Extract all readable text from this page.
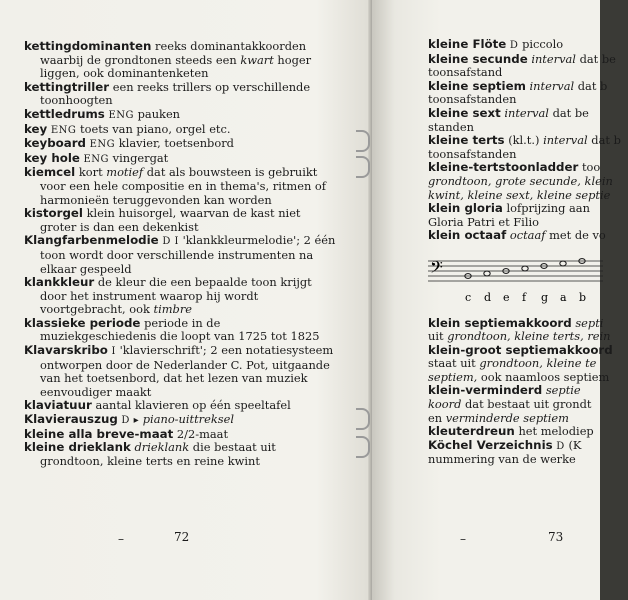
kettingdominanten reeks dominantakkoorden waarbij de grondtonen steeds een kwart hoger liggen, ook dominantenketen
kettingtriller een reeks trillers op verschillende toonhoogten
kettledrums ENG pauken
key ENG toets van piano, orgel etc.
keyboard ENG klavier, toetsenbord
key hole ENG vingergat
kiemcel kort motief dat als bouwsteen is gebruikt voor een hele compositie en in thema's, ritmen of harmonieën teruggevonden kan worden
kistorgel klein huisorgel, waarvan de kast niet groter is dan een dekenkist
Klangfarbenmelodie D I 'klankkleurmelodie'; 2 één toon wordt door verschillende instrumenten na elkaar gespeeld
klankkleur de kleur die een bepaalde toon krijgt door het instrument waarop hij wordt voortgebracht, ook timbre
klassieke periode periode in de muziekgeschiedenis die loopt van 1725 tot 1825
Klavarskribo I 'klavierschrift'; 2 een notatiesysteem ontworpen door de Nederlander C. Pot, uitgaande van het toetsenbord, dat het lezen van muziek eenvoudiger maakt
klaviatuur aantal klavieren op één speeltafel
Klavierauszug D ▸ piano-uittreksel
kleine alla breve-maat 2/2-maat
kleine drieklank drieklank die bestaat uit grondtoon, kleine terts en reine kwint
–	72
kleine Flöte D piccolo
kleine secunde interval dat be
toonsafstand
kleine septiem interval dat b
toonsafstanden
kleine sext interval dat be
standen
kleine terts (kl.t.) interval dat b
toonsafstanden
kleine-tertstoonladder too
grondtoon, grote secunde, klein
kwint, kleine sext, kleine septie
klein gloria lofprijzing aan
Gloria Patri et Filio
klein octaaf octaaf met de vo
𝄢
c d e f g a b
klein septiemakkoord septi
uit grondtoon, kleine terts, rein
klein-groot septiemakkoord
staat uit grondtoon, kleine te
septiem, ook naamloos septiem
klein-verminderd septie
koord dat bestaat uit grondt
en verminderde septiem
kleuterdreun het melodiep
Köchel Verzeichnis D (K
nummering van de werke
–	73
